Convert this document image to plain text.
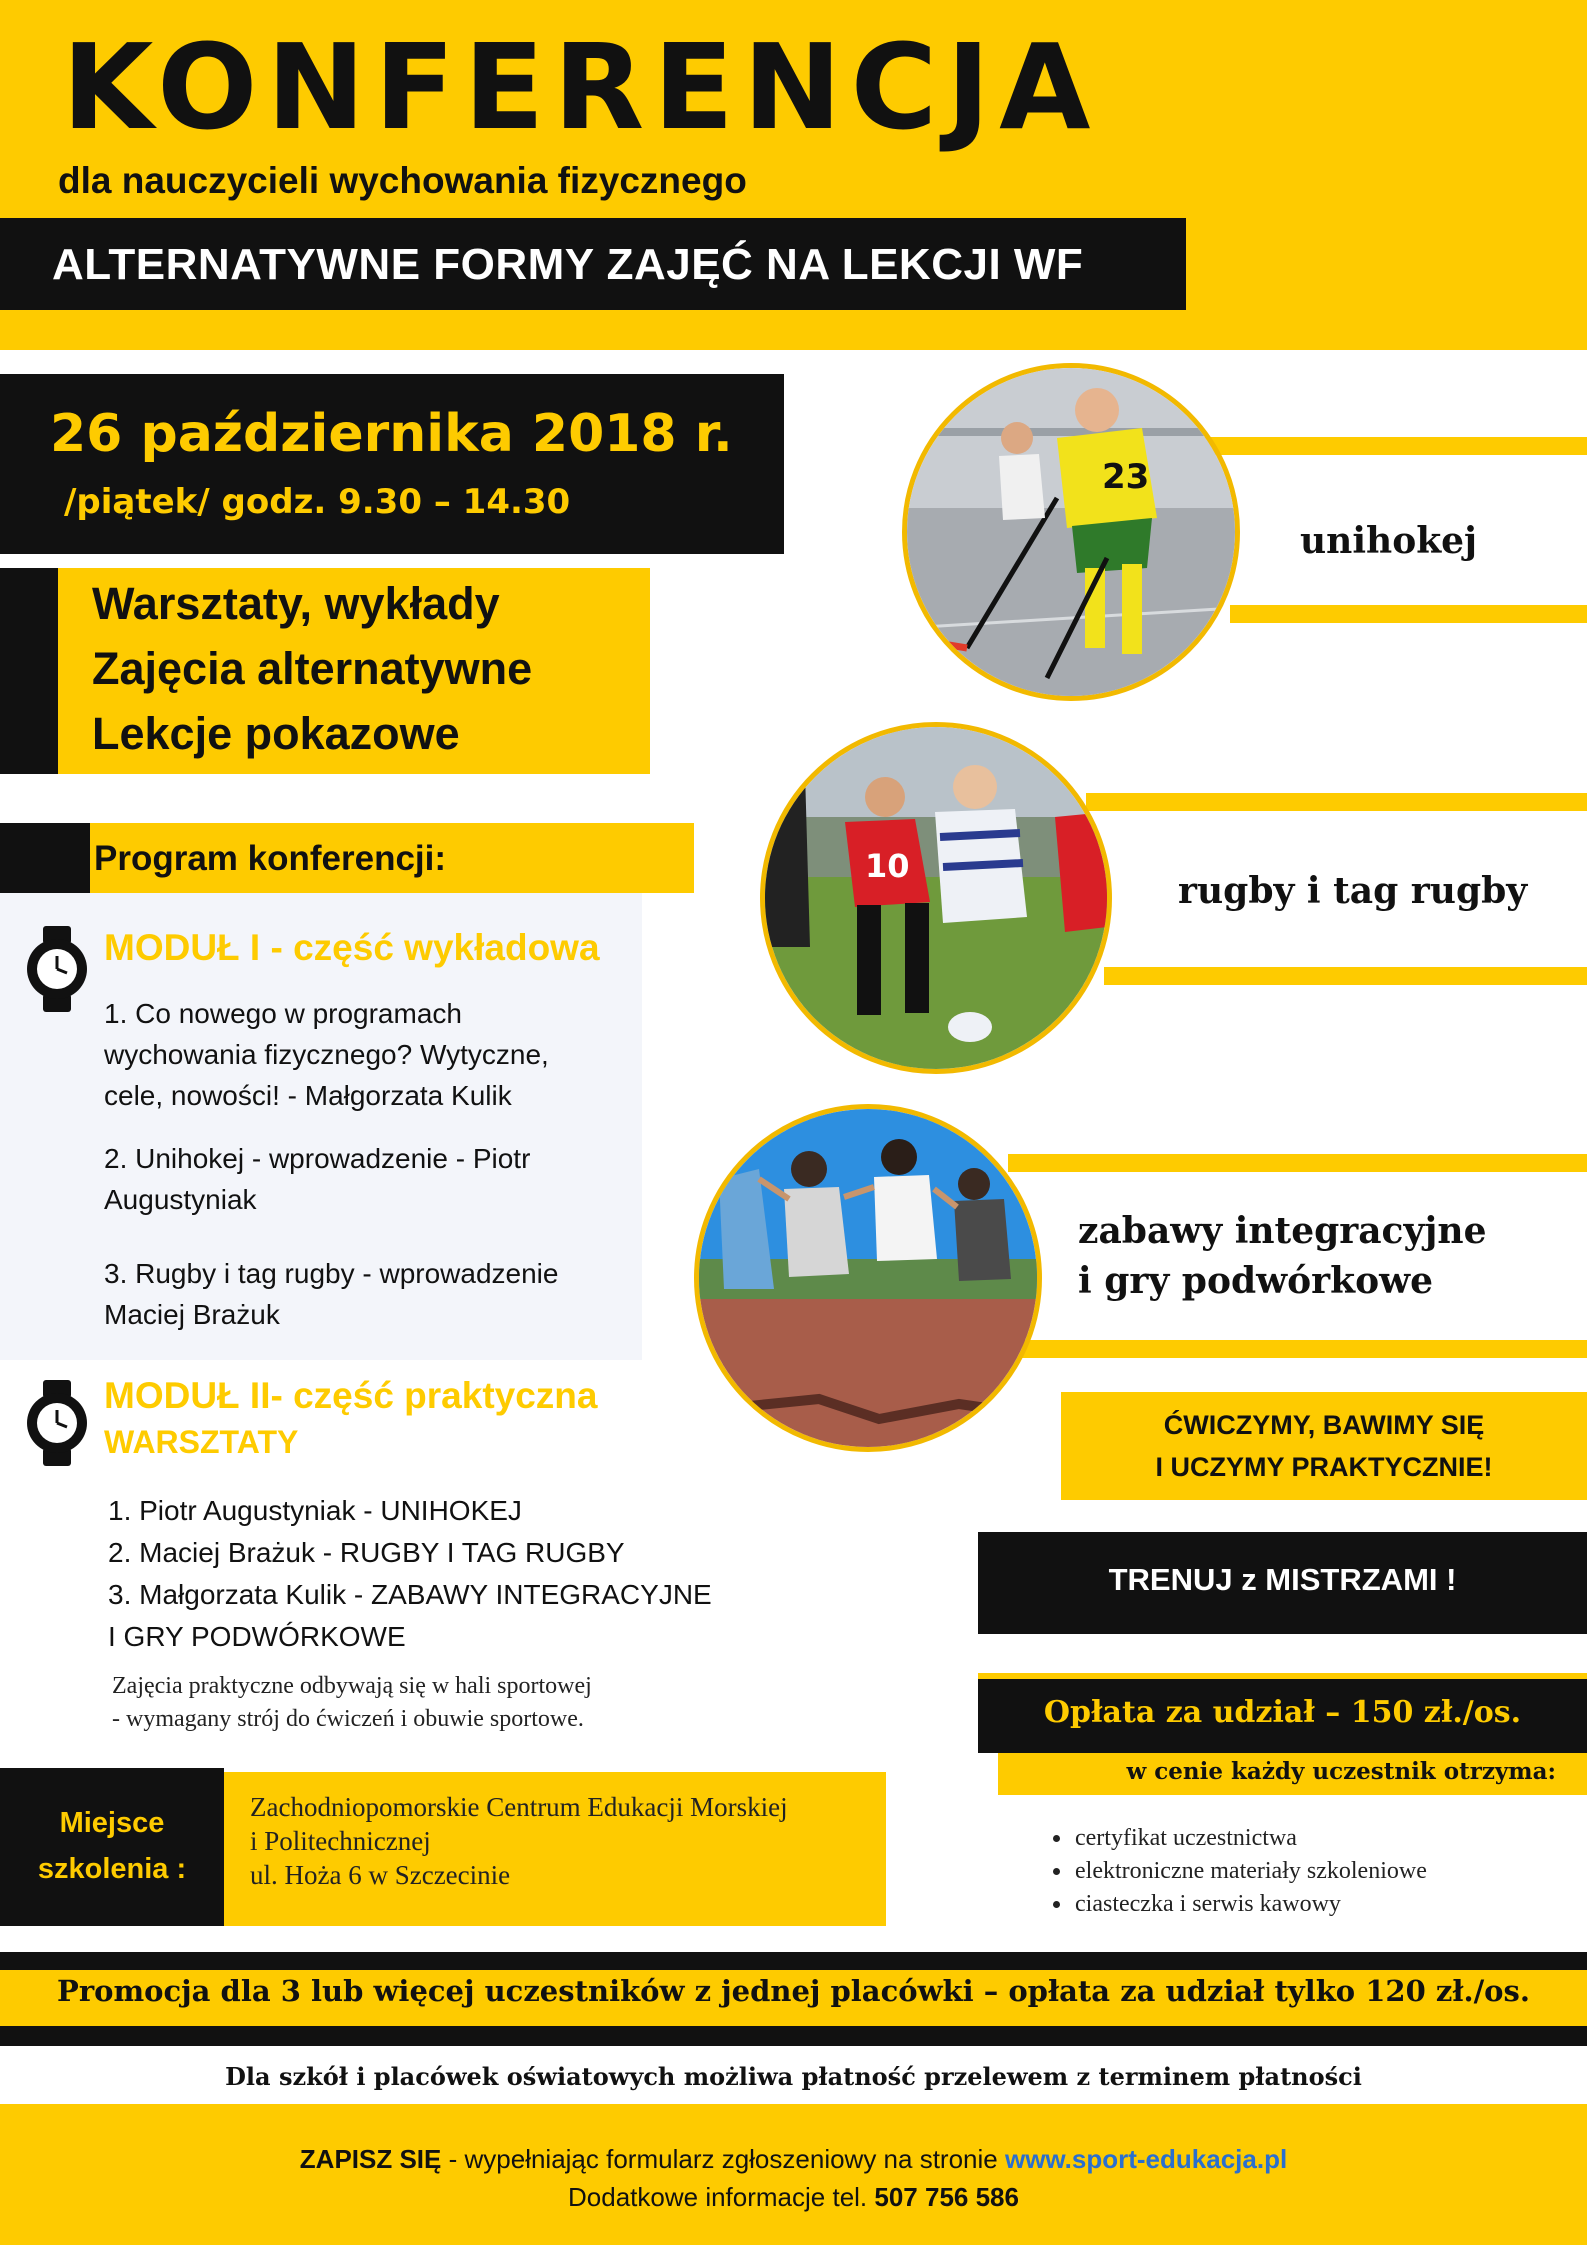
KONFERENCJA
dla nauczycieli wychowania fizycznego
ALTERNATYWNE FORMY ZAJĘĆ NA LEKCJI WF
26 października 2018 r.
/piątek/ godz. 9.30 – 14.30
Warsztaty, wykłady
Zajęcia alternatywne
Lekcje pokazowe
Program konferencji:
MODUŁ I - część wykładowa
1. Co nowego w programach
wychowania fizycznego? Wytyczne,
cele, nowości! - Małgorzata Kulik
2. Unihokej - wprowadzenie - Piotr
Augustyniak
3. Rugby i tag rugby - wprowadzenie
Maciej Brażuk
MODUŁ II- część praktyczna
WARSZTATY
1. Piotr Augustyniak - UNIHOKEJ
2. Maciej Brażuk - RUGBY I TAG RUGBY
3. Małgorzata Kulik - ZABAWY INTEGRACYJNE
I GRY PODWÓRKOWE
Zajęcia praktyczne odbywają się w hali sportowej
- wymagany strój do ćwiczeń i obuwie sportowe.
23
unihokej
10
rugby i tag rugby
zabawy integracyjne
i gry podwórkowe
ĆWICZYMY, BAWIMY SIĘ
I UCZYMY PRAKTYCZNIE!
TRENUJ z MISTRZAMI !
Opłata za udział – 150 zł./os.
w cenie każdy uczestnik otrzyma:
certyfikat uczestnictwa
elektroniczne materiały szkoleniowe
ciasteczka i serwis kawowy
Miejsce
szkolenia :
Zachodniopomorskie Centrum Edukacji Morskiej
i Politechnicznej
ul. Hoża 6 w Szczecinie
Promocja dla 3 lub więcej uczestników z jednej placówki – opłata za udział tylko 120 zł./os.
Dla szkół i placówek oświatowych możliwa płatność przelewem z terminem płatności
ZAPISZ SIĘ - wypełniając formularz zgłoszeniowy na stronie www.sport-edukacja.pl
Dodatkowe informacje tel. 507 756 586
